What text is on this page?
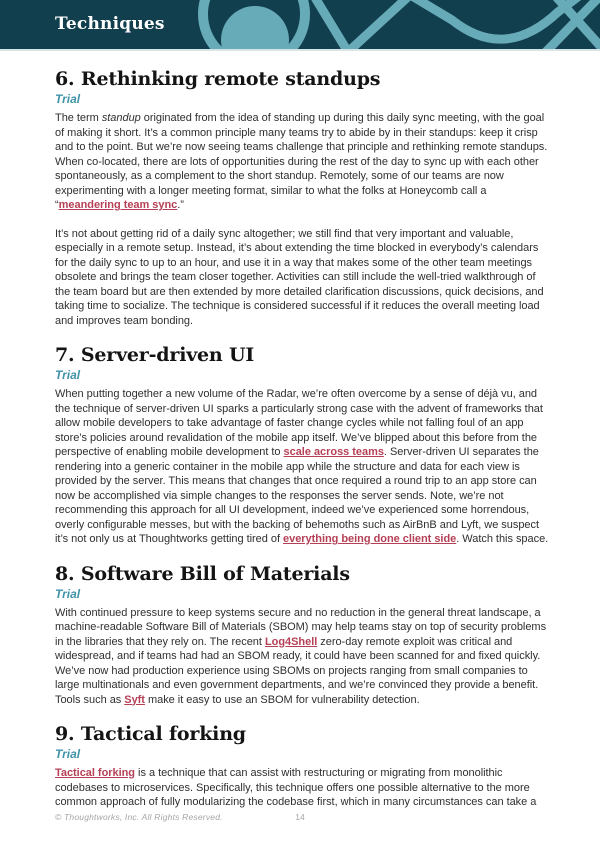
Techniques
6. Rethinking remote standups
Trial

The term standup originated from the idea of standing up during this daily sync meeting, with the goal of making it short. It’s a common principle many teams try to abide by in their standups: keep it crisp and to the point. But we’re now seeing teams challenge that principle and rethinking remote standups. When co-located, there are lots of opportunities during the rest of the day to sync up with each other spontaneously, as a complement to the short standup. Remotely, some of our teams are now experimenting with a longer meeting format, similar to what the folks at Honeycomb call a “meandering team sync.”

It’s not about getting rid of a daily sync altogether; we still find that very important and valuable, especially in a remote setup. Instead, it’s about extending the time blocked in everybody’s calendars for the daily sync to up to an hour, and use it in a way that makes some of the other team meetings obsolete and brings the team closer together. Activities can still include the well-tried walkthrough of the team board but are then extended by more detailed clarification discussions, quick decisions, and taking time to socialize. The technique is considered successful if it reduces the overall meeting load and improves team bonding.

7. Server-driven UI
Trial

When putting together a new volume of the Radar, we’re often overcome by a sense of déjà vu, and the technique of server-driven UI sparks a particularly strong case with the advent of frameworks that allow mobile developers to take advantage of faster change cycles while not falling foul of an app store’s policies around revalidation of the mobile app itself. We’ve blipped about this before from the perspective of enabling mobile development to scale across teams. Server-driven UI separates the rendering into a generic container in the mobile app while the structure and data for each view is provided by the server. This means that changes that once required a round trip to an app store can now be accomplished via simple changes to the responses the server sends. Note, we’re not recommending this approach for all UI development, indeed we’ve experienced some horrendous, overly configurable messes, but with the backing of behemoths such as AirBnB and Lyft, we suspect it’s not only us at Thoughtworks getting tired of everything being done client side. Watch this space.

8. Software Bill of Materials
Trial

With continued pressure to keep systems secure and no reduction in the general threat landscape, a machine-readable Software Bill of Materials (SBOM) may help teams stay on top of security problems in the libraries that they rely on. The recent Log4Shell zero-day remote exploit was critical and widespread, and if teams had had an SBOM ready, it could have been scanned for and fixed quickly. We’ve now had production experience using SBOMs on projects ranging from small companies to large multinationals and even government departments, and we’re convinced they provide a benefit. Tools such as Syft make it easy to use an SBOM for vulnerability detection.

9. Tactical forking
Trial

Tactical forking is a technique that can assist with restructuring or migrating from monolithic codebases to microservices. Specifically, this technique offers one possible alternative to the more common approach of fully modularizing the codebase first, which in many circumstances can take a

© Thoughtworks, Inc. All Rights Reserved.	14
